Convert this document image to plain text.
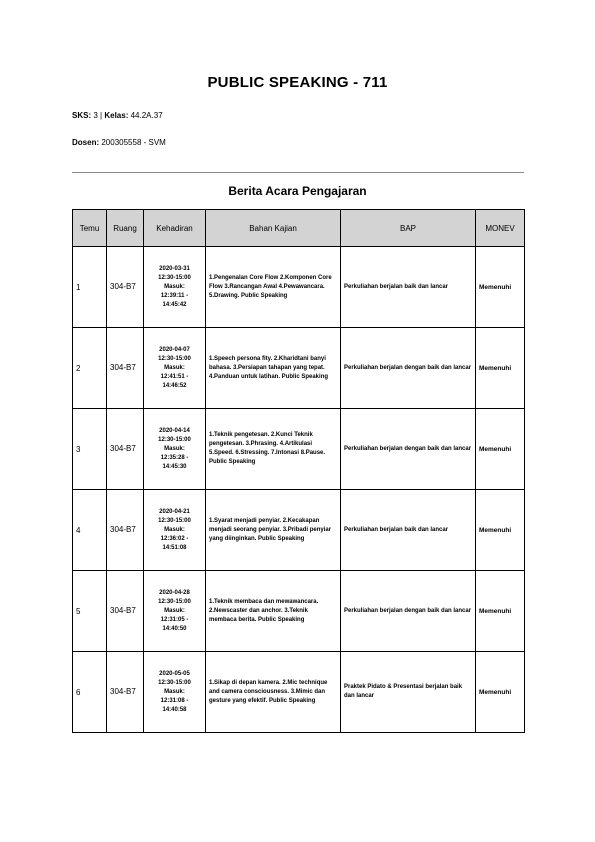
PUBLIC SPEAKING - 711
SKS: 3 | Kelas: 44.2A.37
Dosen: 200305558 - SVM
Berita Acara Pengajaran
Temu	Ruang	Kehadiran	Bahan Kajian	BAP	MONEV
1	304-B7	2020-03-31
12:30-15:00
Masuk:
12:39:11 -
14:45:42	1.Pengenalan Core Flow 2.Komponen Core Flow 3.Rancangan Awal 4.Pewawancara. 5.Drawing. Public Speaking	Perkuliahan berjalan baik dan lancar	Memenuhi
2	304-B7	2020-04-07
12:30-15:00
Masuk:
12:41:51 -
14:46:52	1.Speech persona fity. 2.Kharidtani banyi bahasa. 3.Persiapan tahapan yang tepat. 4.Panduan untuk latihan. Public Speaking	Perkuliahan berjalan dengan baik dan lancar	Memenuhi
3	304-B7	2020-04-14
12:30-15:00
Masuk:
12:35:28 -
14:45:30	1.Teknik pengetesan. 2.Kunci Teknik pengetesan. 3.Phrasing. 4.Artikulasi 5.Speed. 6.Stressing. 7.Intonasi 8.Pause. Public Speaking	Perkuliahan berjalan dengan baik dan lancar	Memenuhi
4	304-B7	2020-04-21
12:30-15:00
Masuk:
12:36:02 -
14:51:08	1.Syarat menjadi penyiar. 2.Kecakapan menjadi seorang penyiar. 3.Pribadi penyiar yang diinginkan. Public Speaking	Perkuliahan berjalan baik dan lancar	Memenuhi
5	304-B7	2020-04-28
12:30-15:00
Masuk:
12:31:05 -
14:40:50	1.Teknik membaca dan mewawancara. 2.Newscaster dan anchor. 3.Teknik membaca berita. Public Speaking	Perkuliahan berjalan dengan baik dan lancar	Memenuhi
6	304-B7	2020-05-05
12:30-15:00
Masuk:
12:31:08 -
14:40:58	1.Sikap di depan kamera. 2.Mic technique and camera consciousness. 3.Mimic dan gesture yang efektif. Public Speaking	Praktek Pidato & Presentasi berjalan baik dan lancar	Memenuhi
